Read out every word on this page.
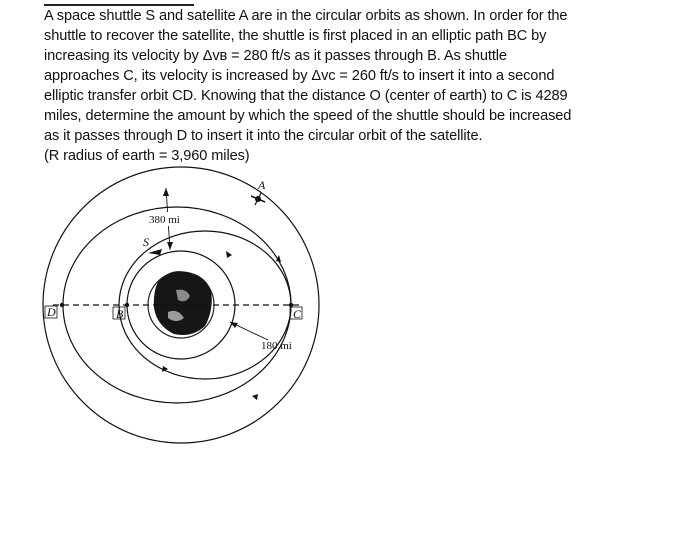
A space shuttle S and satellite A are in the circular orbits as shown. In order for the

shuttle to recover the satellite, the shuttle is first placed in an elliptic path BC by

increasing its velocity by Δvʙ = 280 ft/s as it passes through B. As shuttle

approaches C, its velocity is increased by Δvc = 260 ft/s to insert it into a second

elliptic transfer orbit CD. Knowing that the distance O (center of earth) to C is 4289

miles, determine the amount by which the speed of the shuttle should be increased

as it passes through D to insert it into the circular orbit of the satellite.

(R radius of earth = 3,960 miles)

A
S
D	B	C
380 mi
180 mi
